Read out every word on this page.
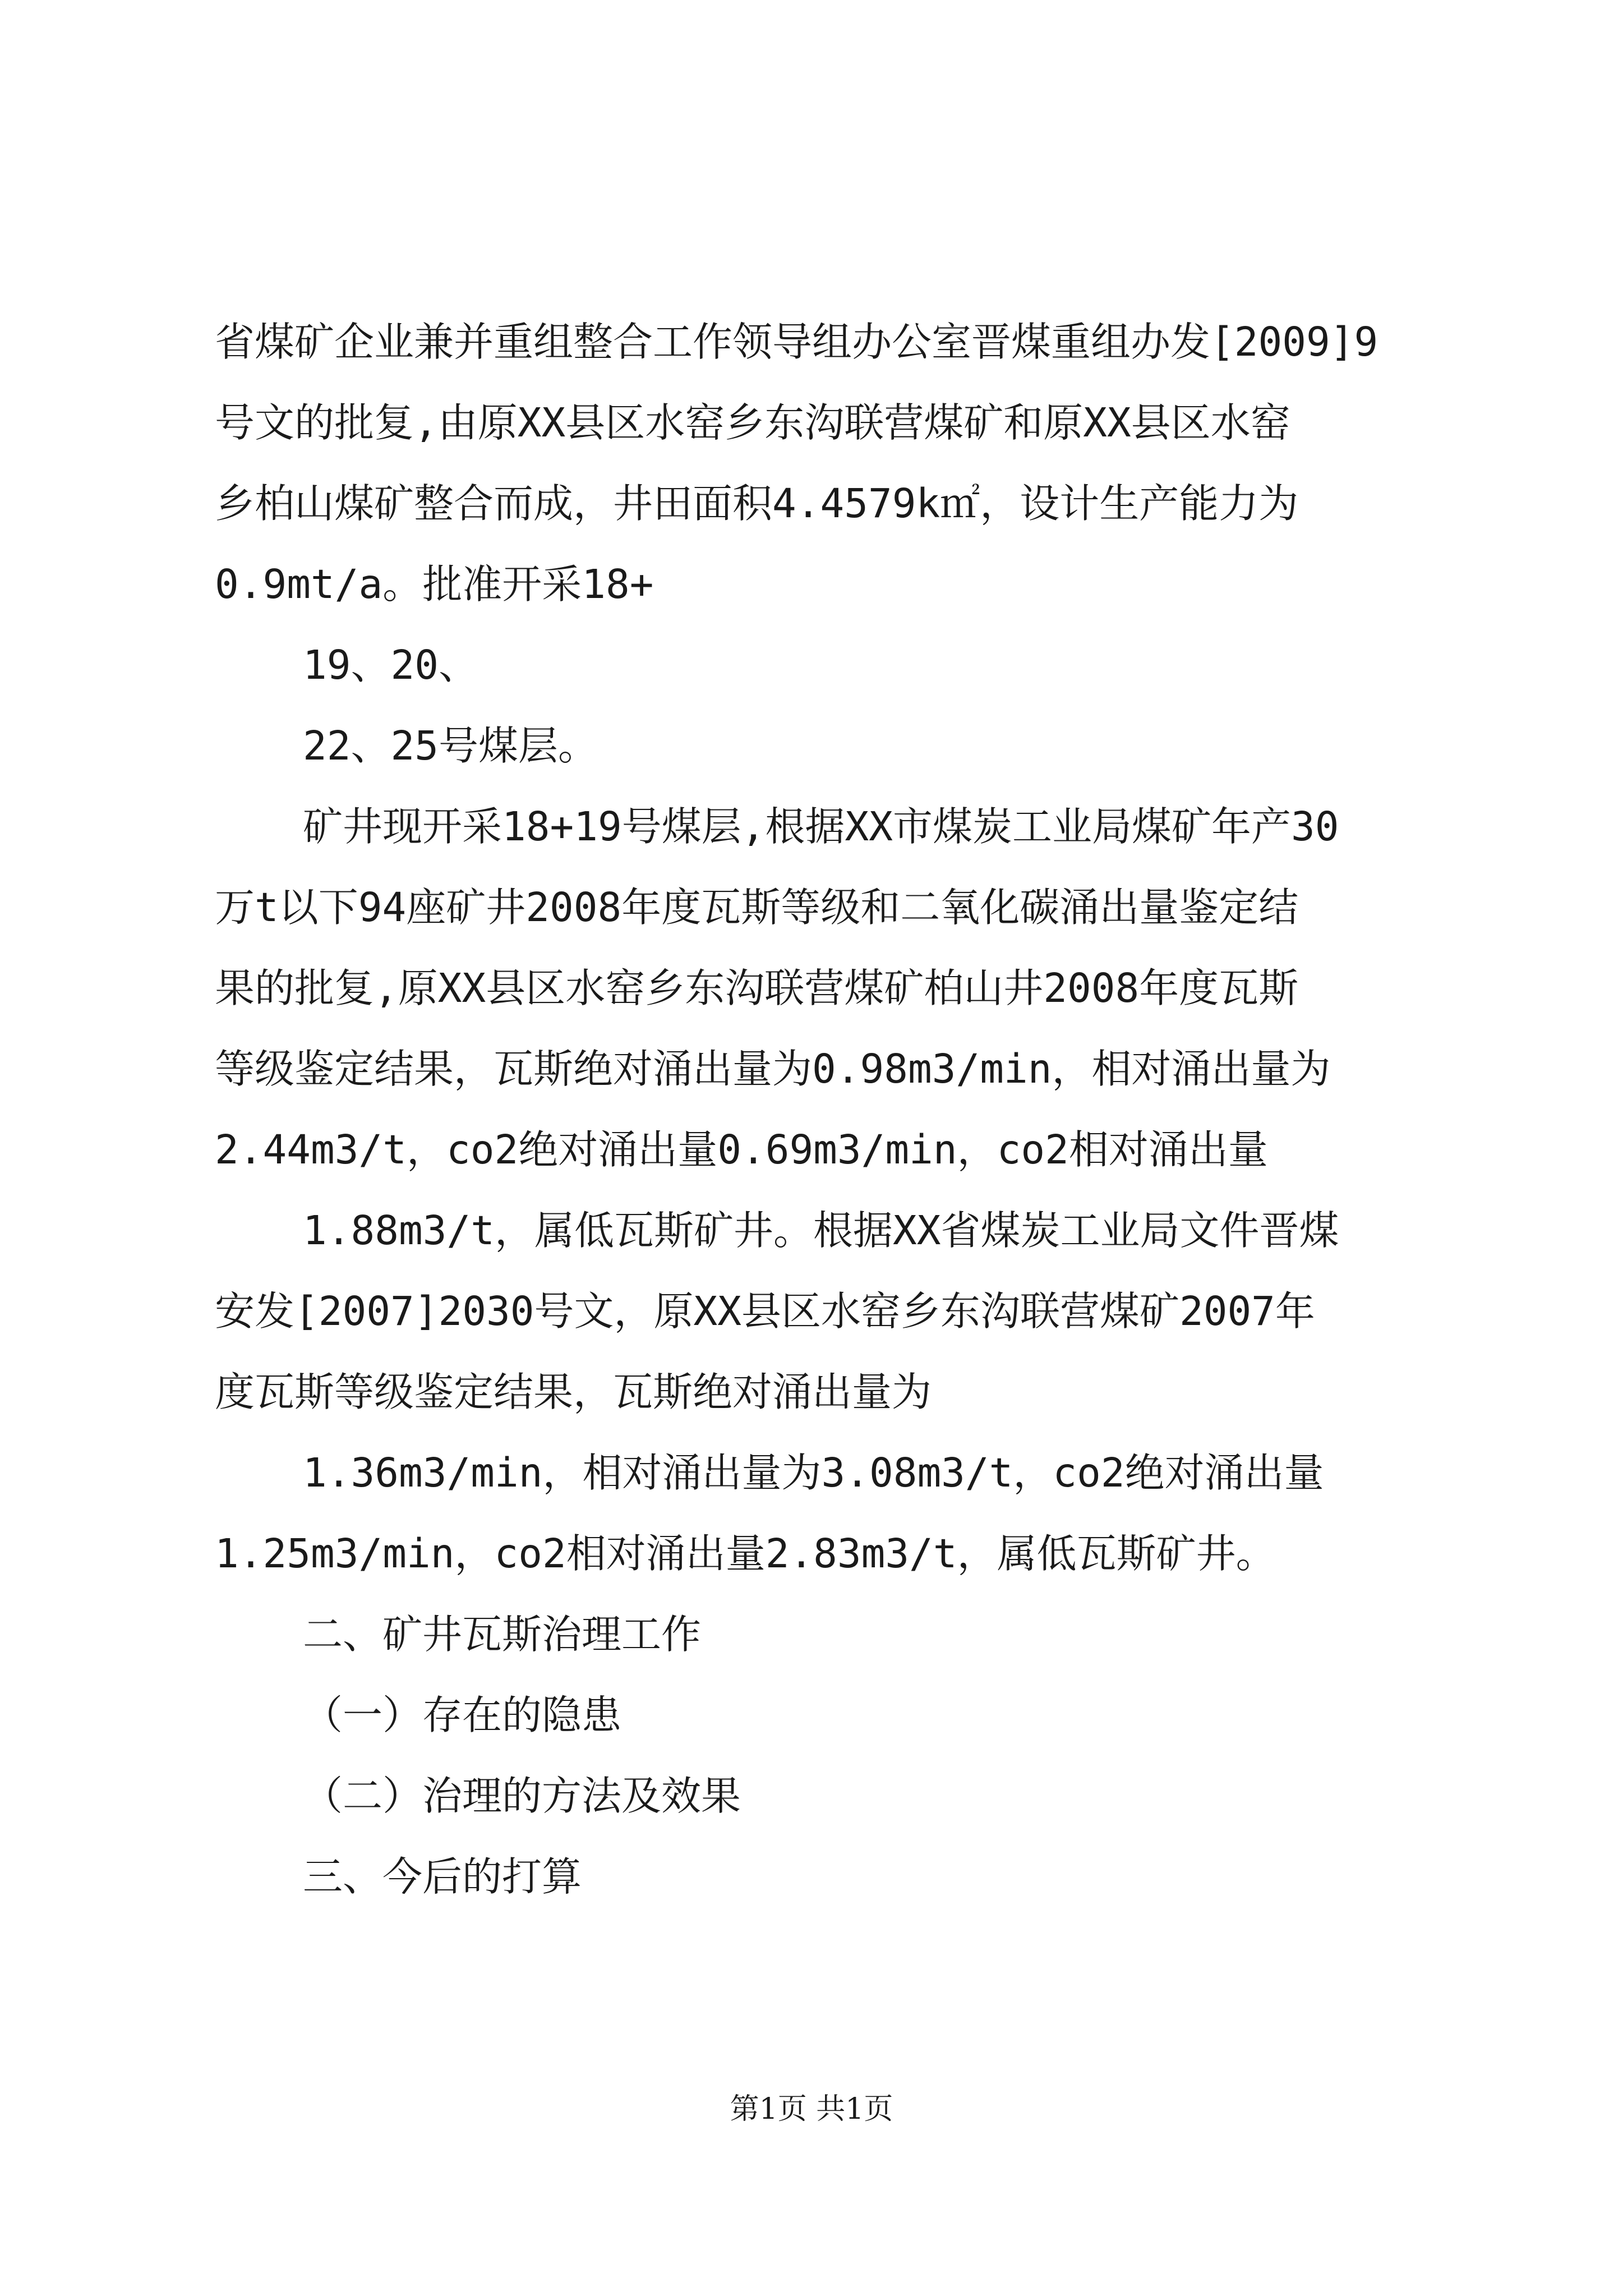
省煤矿企业兼并重组整合工作领导组办公室晋煤重组办发[2009]9
号文的批复,由原XX县区水窑乡东沟联营煤矿和原XX县区水窑
乡柏山煤矿整合而成，井田面积4.4579k㎡，设计生产能力为
0.9mt/a。批准开采18+
19、20、
22、25号煤层。
矿井现开采18+19号煤层,根据XX市煤炭工业局煤矿年产30
万t以下94座矿井2008年度瓦斯等级和二氧化碳涌出量鉴定结
果的批复,原XX县区水窑乡东沟联营煤矿柏山井2008年度瓦斯
等级鉴定结果，瓦斯绝对涌出量为0.98m3/min，相对涌出量为
2.44m3/t，co2绝对涌出量0.69m3/min，co2相对涌出量
1.88m3/t，属低瓦斯矿井。根据XX省煤炭工业局文件晋煤
安发[2007]2030号文，原XX县区水窑乡东沟联营煤矿2007年
度瓦斯等级鉴定结果，瓦斯绝对涌出量为
1.36m3/min，相对涌出量为3.08m3/t，co2绝对涌出量
1.25m3/min，co2相对涌出量2.83m3/t，属低瓦斯矿井。
二、矿井瓦斯治理工作
（一）存在的隐患
（二）治理的方法及效果
三、今后的打算
第1页 共1页
